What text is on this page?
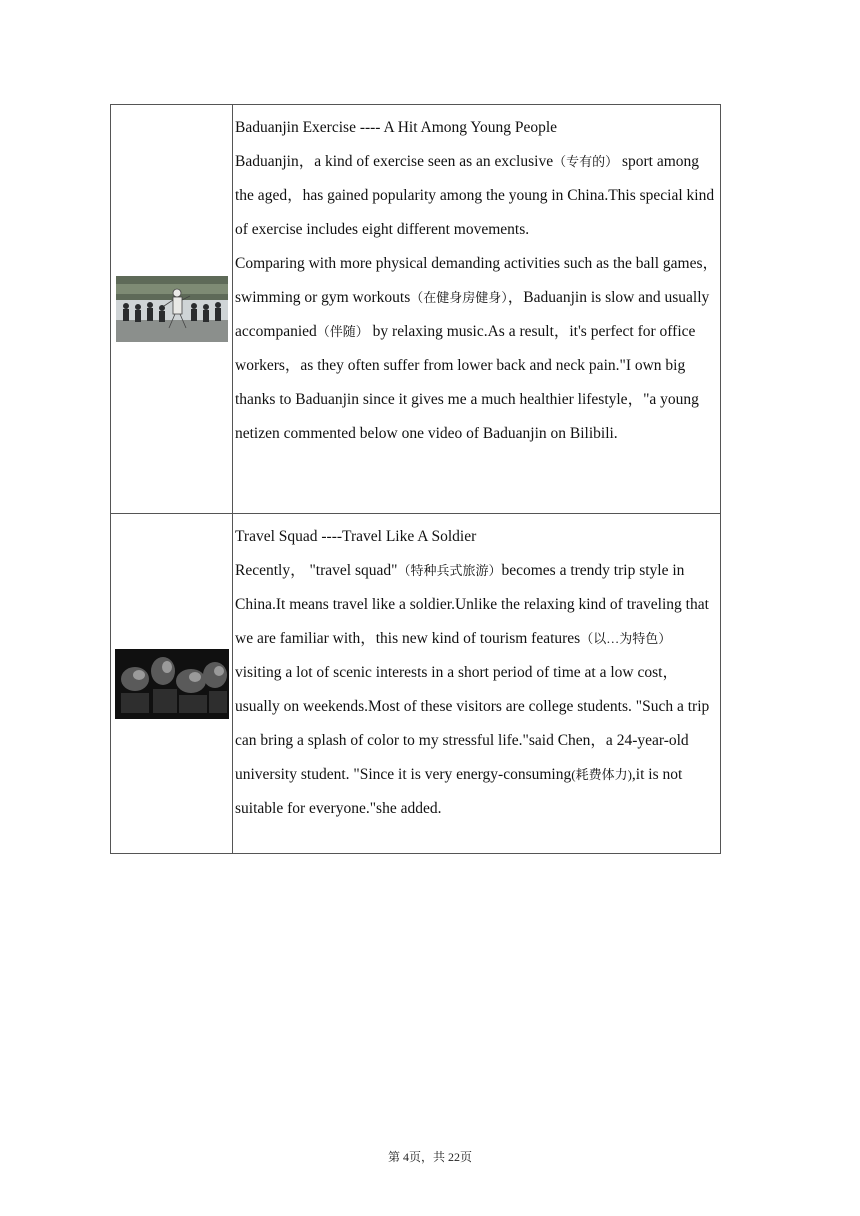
Baduanjin Exercise ---- A Hit Among Young People

Baduanjin，a kind of exercise seen as an exclusive（专有的） sport among the aged，has gained popularity among the young in China.This special kind of exercise includes eight different movements.

Comparing with more physical demanding activities such as the ball games，swimming or gym workouts（在健身房健身），Baduanjin is slow and usually accompanied（伴随） by relaxing music.As a result，it's perfect for office workers，as they often suffer from lower back and neck pain."I own big thanks to Baduanjin since it gives me a much healthier lifestyle，"a young netizen commented below one video of Baduanjin on Bilibili.

Travel Squad ----Travel Like A Soldier

Recently， "travel squad"（特种兵式旅游）becomes a trendy trip style in China.It means travel like a soldier.Unlike the relaxing kind of traveling that we are familiar with，this new kind of tourism features（以…为特色） visiting a lot of scenic interests in a short period of time at a low cost，usually on weekends.Most of these visitors are college students. "Such a trip can bring a splash of color to my stressful life."said Chen，a 24-year-old university student. "Since it is very energy-consuming(耗费体力),it is not suitable for everyone."she added.

第 4页，共 22页
